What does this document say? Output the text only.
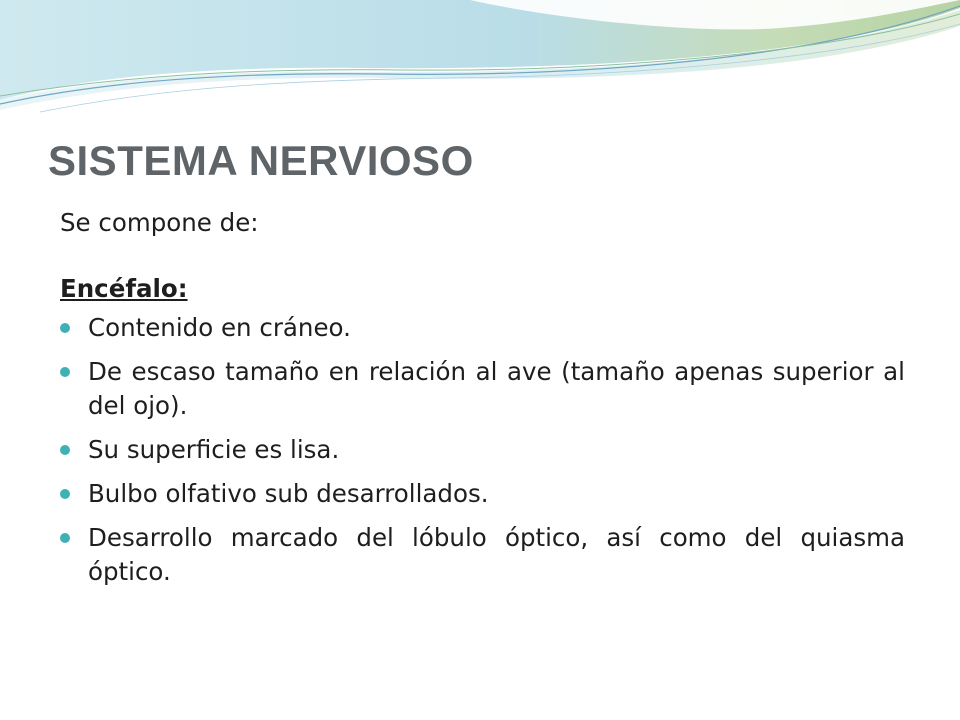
SISTEMA NERVIOSO

Se compone de:

Encéfalo:

Contenido en cráneo.
De escaso tamaño en relación al ave (tamaño apenas superior al del ojo).
Su superficie es lisa.
Bulbo olfativo sub desarrollados.
Desarrollo marcado del lóbulo óptico, así como del quiasma óptico.
